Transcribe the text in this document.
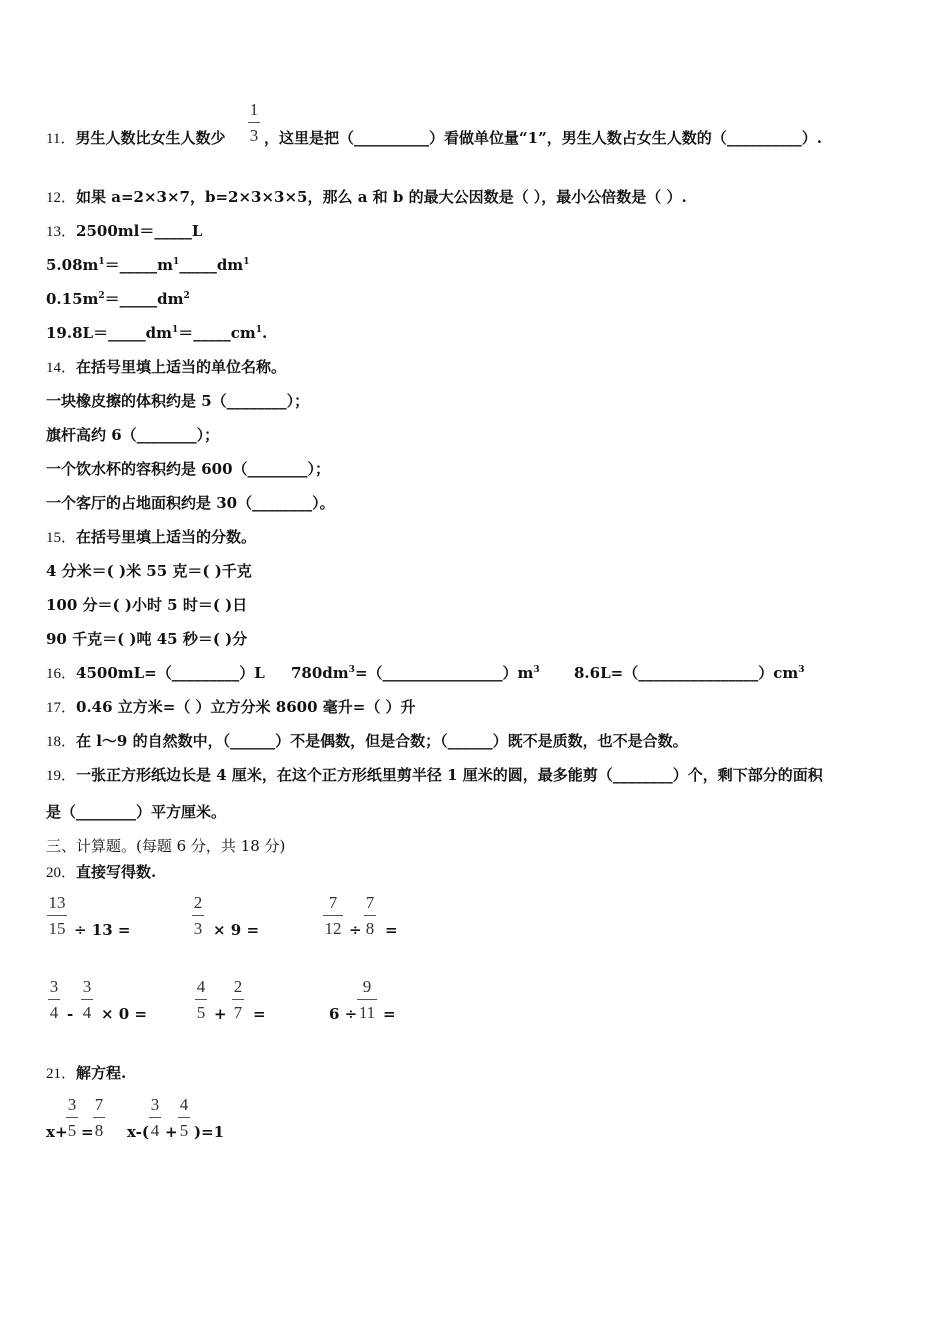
11．男生人数比女生人数少
1
3 ，这里是把（__________）看做单位量“1”，男生人数占女生人数的（__________）.
12．如果 a=2×3×7，b=2×3×3×5，那么 a 和 b 的最大公因数是（ ），最小公倍数是（ ）.
13．2500ml＝_____L
$5.08m^1=\_\_\_\_\_m^1\_\_\_\_\_dm^1$
$0.15m^2=\_\_\_\_\_dm^2$
$19.8L=\_\_\_\_\_dm^1=\_\_\_\_\_cm^1$.
14．在括号里填上适当的单位名称。
一块橡皮擦的体积约是 5（________）；
旗杆高约 6（________）；
一个饮水杯的容积约是 600（________）；
一个客厅的占地面积约是 30（________）。
15．在括号里填上适当的分数。
4 分米＝( )米 55 克＝( )千克
100 分＝( )小时 5 时＝( )日
90 千克＝( )吨 45 秒＝( )分
16．4500mL=（_________）L $780dm^3=(\_\_\_\_\_\_\_\_\_\_\_\_\_\_\_\_)m^3$ $8.6L=(\_\_\_\_\_\_\_\_\_\_\_\_\_\_\_\_)cm^3$
17．0.46 立方米=（ ）立方分米 8600 毫升=（ ）升
18．在 l～9 的自然数中，（______）不是偶数，但是合数；（______）既不是质数，也不是合数。
19．一张正方形纸边长是 4 厘米，在这个正方形纸里剪半径 1 厘米的圆，最多能剪（________）个，剩下部分的面积
是（________）平方厘米。
三、计算题。(每题 6 分，共 18 分)
20．直接写得数.
13
15 ÷ 13 =
2
3 × 9 =
7
12 ÷
7
8 =
3
4 -
3
4 × 0 =
4
5 +
2
7 =	6 ÷
9
11 =
21．解方程.
x+
3
5 =
7
8 x-(
3
4 +
4
5 )=1
